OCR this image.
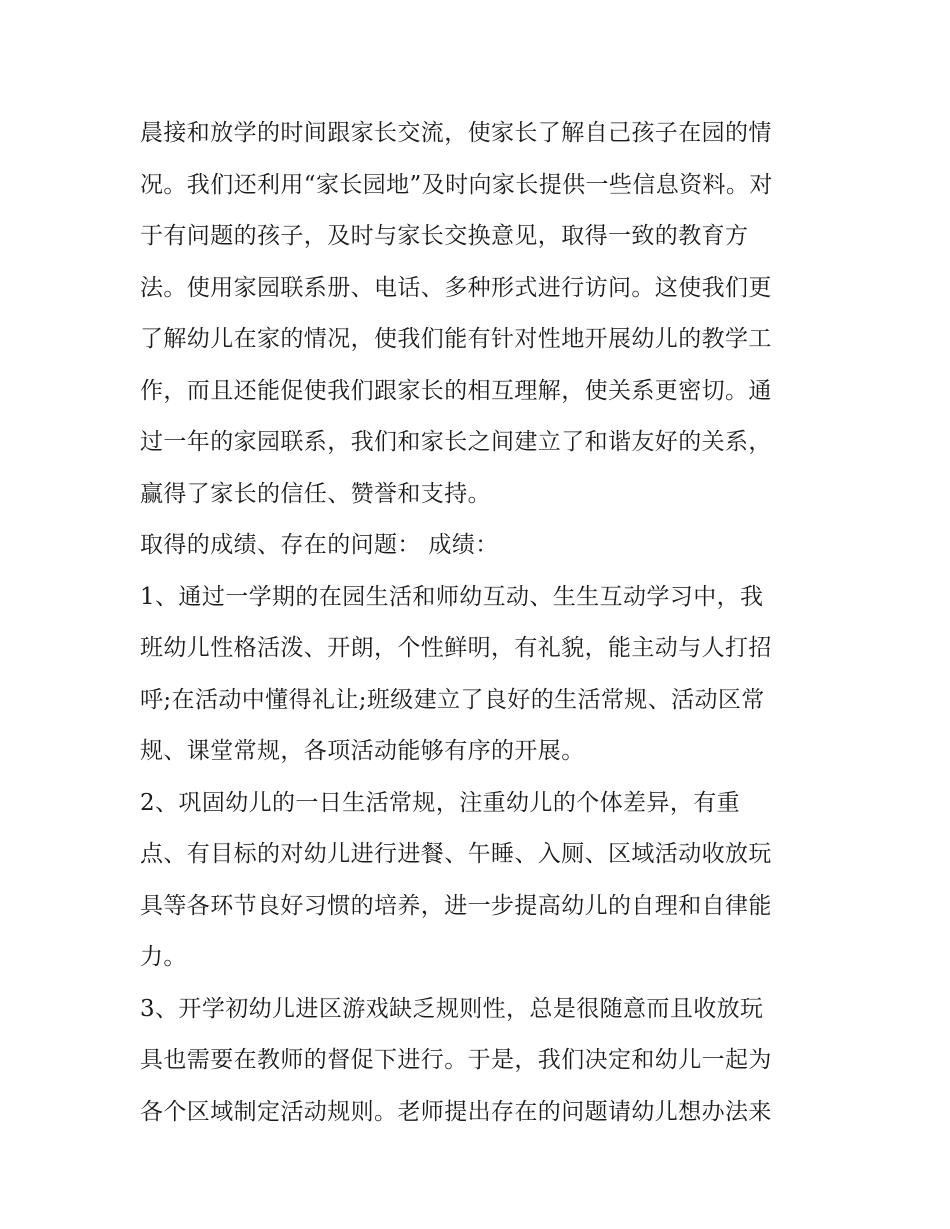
晨接和放学的时间跟家长交流，使家长了解自己孩子在园的情
况。我们还利用“家长园地”及时向家长提供一些信息资料。对
于有问题的孩子，及时与家长交换意见，取得一致的教育方
法。使用家园联系册、电话、多种形式进行访问。这使我们更
了解幼儿在家的情况，使我们能有针对性地开展幼儿的教学工
作，而且还能促使我们跟家长的相互理解，使关系更密切。通
过一年的家园联系，我们和家长之间建立了和谐友好的关系，
赢得了家长的信任、赞誉和支持。
取得的成绩、存在的问题： 成绩：
1、通过一学期的在园生活和师幼互动、生生互动学习中，我
班幼儿性格活泼、开朗，个性鲜明，有礼貌，能主动与人打招
呼;在活动中懂得礼让;班级建立了良好的生活常规、活动区常
规、课堂常规，各项活动能够有序的开展。
2、巩固幼儿的一日生活常规，注重幼儿的个体差异，有重
点、有目标的对幼儿进行进餐、午睡、入厕、区域活动收放玩
具等各环节良好习惯的培养，进一步提高幼儿的自理和自律能
力。
3、开学初幼儿进区游戏缺乏规则性，总是很随意而且收放玩
具也需要在教师的督促下进行。于是，我们决定和幼儿一起为
各个区域制定活动规则。老师提出存在的问题请幼儿想办法来
